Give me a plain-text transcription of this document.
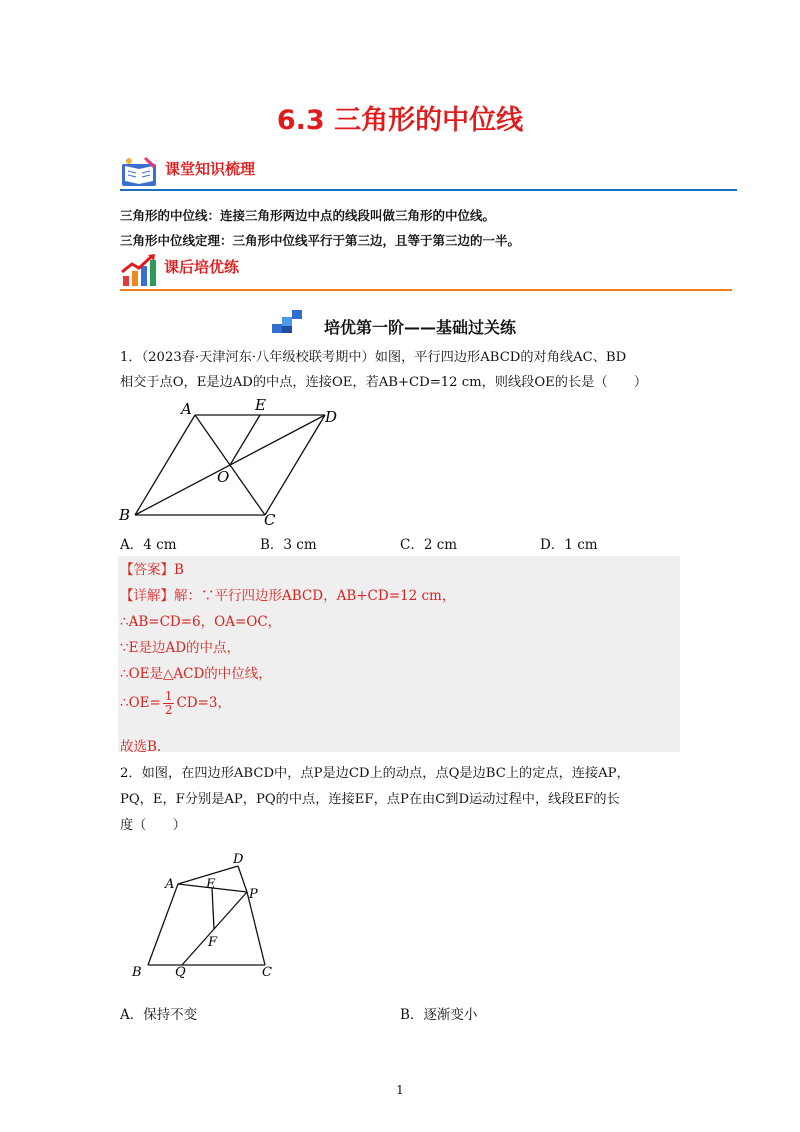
6.3 三角形的中位线
课堂知识梳理
三角形的中位线：连接三角形两边中点的线段叫做三角形的中位线。
三角形中位线定理：三角形中位线平行于第三边，且等于第三边的一半。
课后培优练
培优第一阶——基础过关练
1．（2023春·天津河东·八年级校联考期中）如图，平行四边形ABCD的对角线AC、BD
相交于点O，E是边AD的中点，连接OE，若AB+CD=12 cm，则线段OE的长是（　　）
A	E
D
O
B	C
A．4 cm	B．3 cm	C．2 cm	D．1 cm
【答案】B
【详解】解：∵平行四边形ABCD，AB+CD=12 cm，
∴AB=CD=6，OA=OC，
∵E是边AD的中点，
∴OE是△ACD的中位线，
∴OE= $\frac{1}{2} CD=3$，
故选B.
2．如图，在四边形ABCD中，点P是边CD上的动点，点Q是边BC上的定点，连接AP，
PQ，E，F分别是AP，PQ的中点，连接EF，点P在由C到D运动过程中，线段EF的长
度（　　）
A E
D
P
F
B	Q	C
A．保持不变	B．逐渐变小
1
